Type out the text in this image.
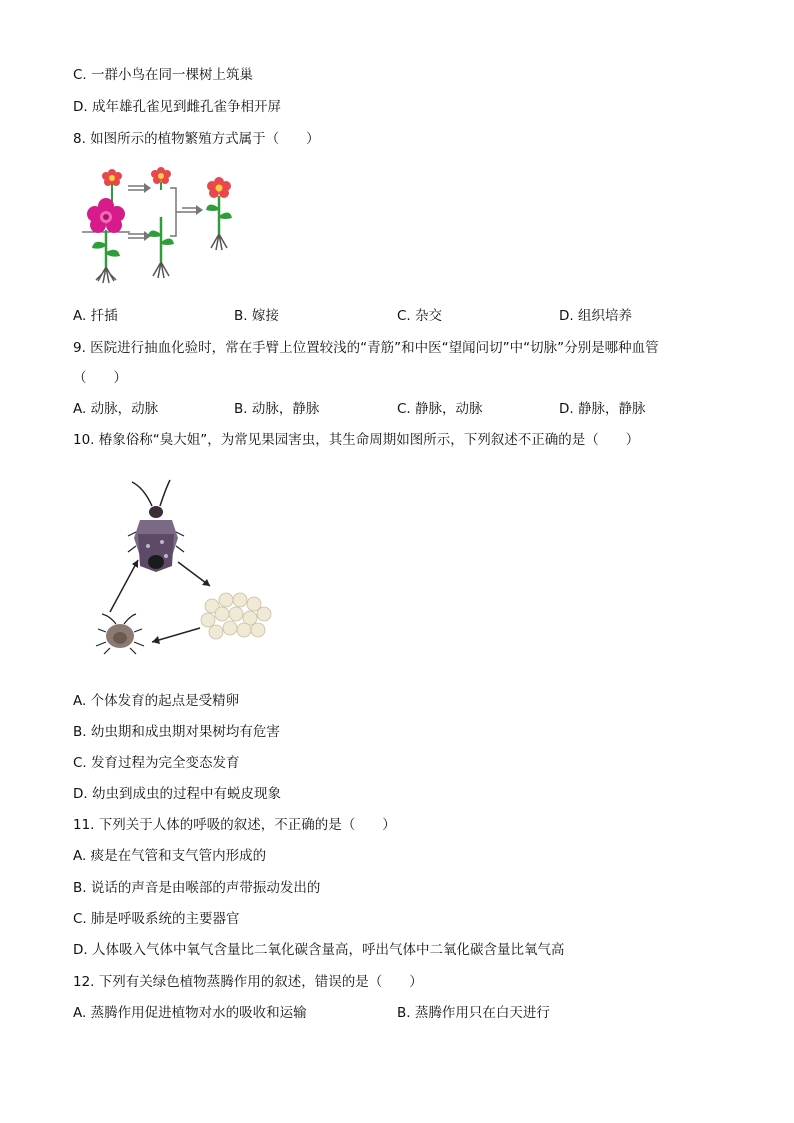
C. 一群小鸟在同一棵树上筑巢
D. 成年雄孔雀见到雌孔雀争相开屏
8. 如图所示的植物繁殖方式属于（　　）
A. 扦插	B. 嫁接	C. 杂交	D. 组织培养
9. 医院进行抽血化验时，常在手臂上位置较浅的“青筋”和中医“望闻问切”中“切脉”分别是哪种血管
（　　）
A. 动脉，动脉	B. 动脉，静脉	C. 静脉，动脉	D. 静脉，静脉
10. 椿象俗称“臭大姐”，为常见果园害虫，其生命周期如图所示，下列叙述不正确的是（　　）
A. 个体发育的起点是受精卵
B. 幼虫期和成虫期对果树均有危害
C. 发育过程为完全变态发育
D. 幼虫到成虫的过程中有蜕皮现象
11. 下列关于人体的呼吸的叙述，不正确的是（　　）
A. 痰是在气管和支气管内形成的
B. 说话的声音是由喉部的声带振动发出的
C. 肺是呼吸系统的主要器官
D. 人体吸入气体中氧气含量比二氧化碳含量高，呼出气体中二氧化碳含量比氧气高
12. 下列有关绿色植物蒸腾作用的叙述，错误的是（　　）
A. 蒸腾作用促进植物对水的吸收和运输	B. 蒸腾作用只在白天进行
